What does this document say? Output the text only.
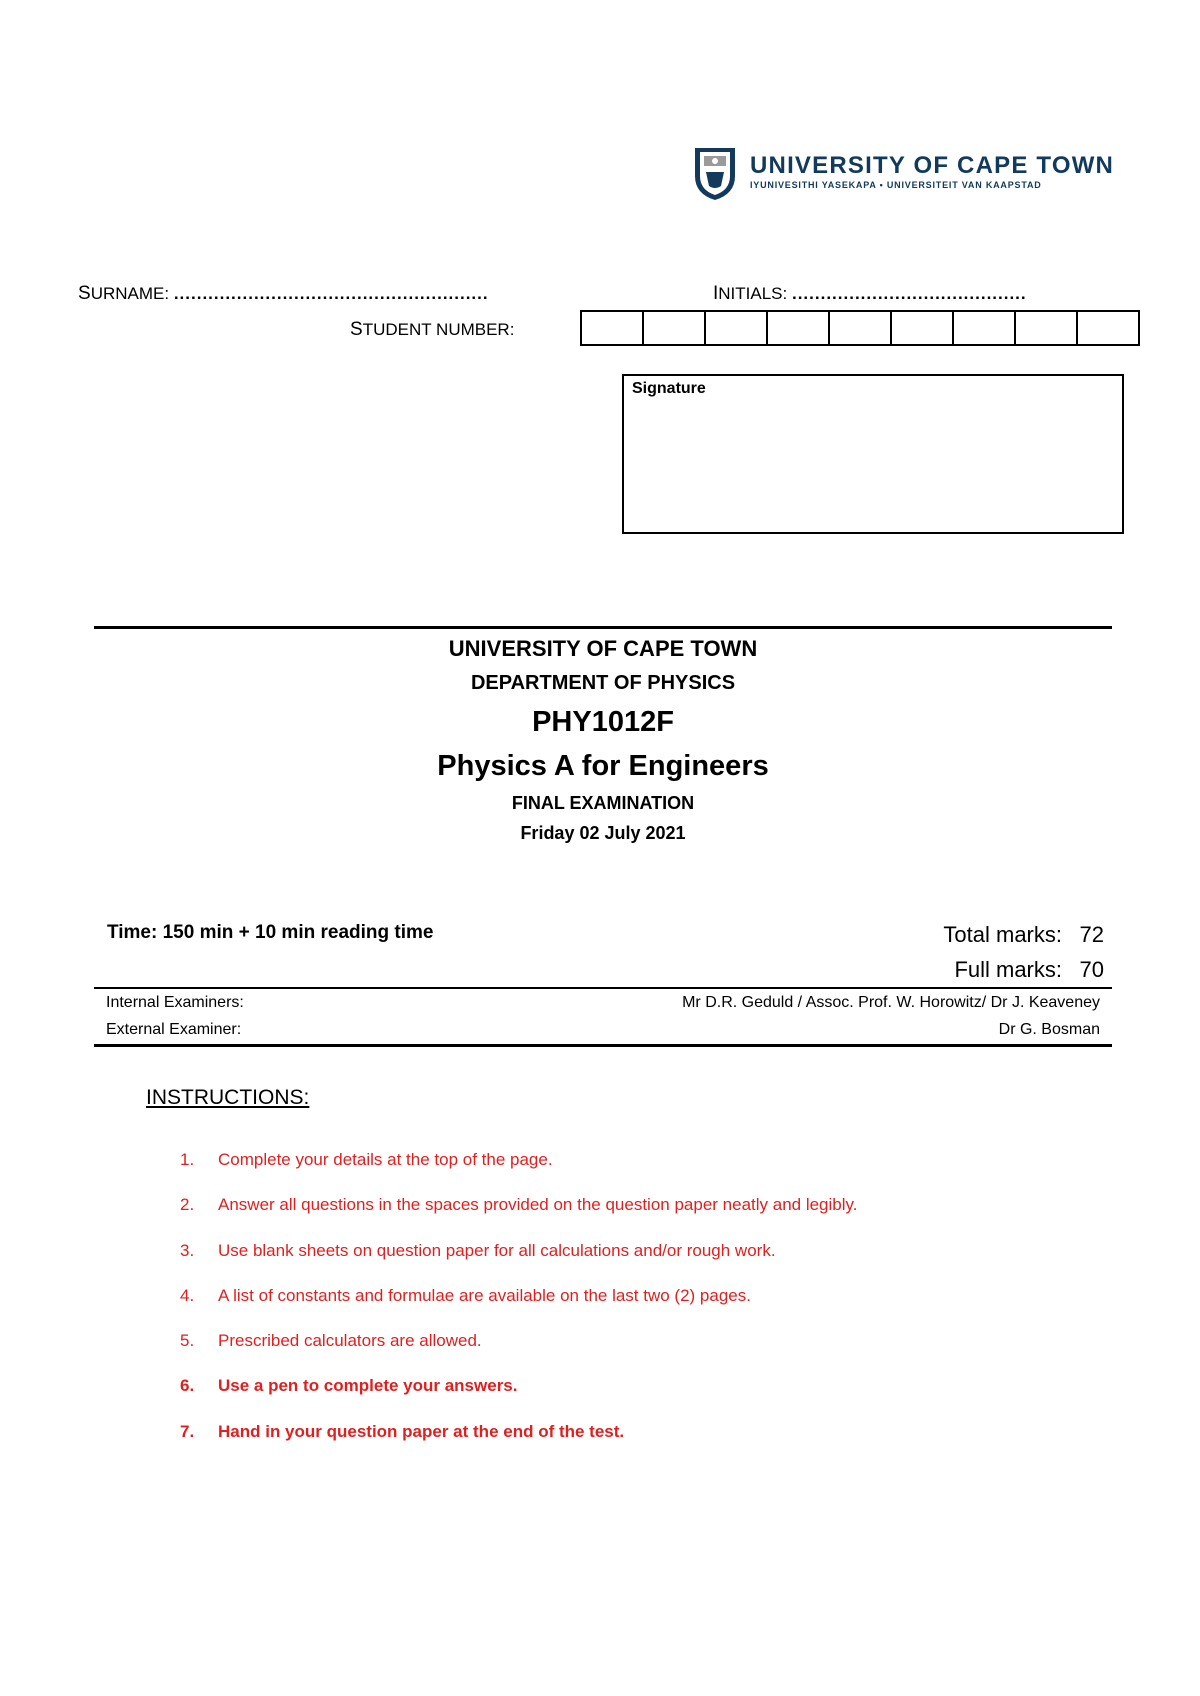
UNIVERSITY OF CAPE TOWN
IYUNIVESITHI YASEKAPA • UNIVERSITEIT VAN KAAPSTAD
SURNAME: .......................................................	INITIALS: .........................................
STUDENT NUMBER:
Signature
UNIVERSITY OF CAPE TOWN
DEPARTMENT OF PHYSICS
PHY1012F
Physics A for Engineers
FINAL EXAMINATION
Friday 02 July 2021
Time: 150 min + 10 min reading time	Total marks: 72
Full marks: 70
Internal Examiners:	Mr D.R. Geduld / Assoc. Prof. W. Horowitz/ Dr J. Keaveney
External Examiner:	Dr G. Bosman
INSTRUCTIONS:
1. Complete your details at the top of the page.
2. Answer all questions in the spaces provided on the question paper neatly and legibly.
3. Use blank sheets on question paper for all calculations and/or rough work.
4. A list of constants and formulae are available on the last two (2) pages.
5. Prescribed calculators are allowed.
6. Use a pen to complete your answers.
7. Hand in your question paper at the end of the test.
